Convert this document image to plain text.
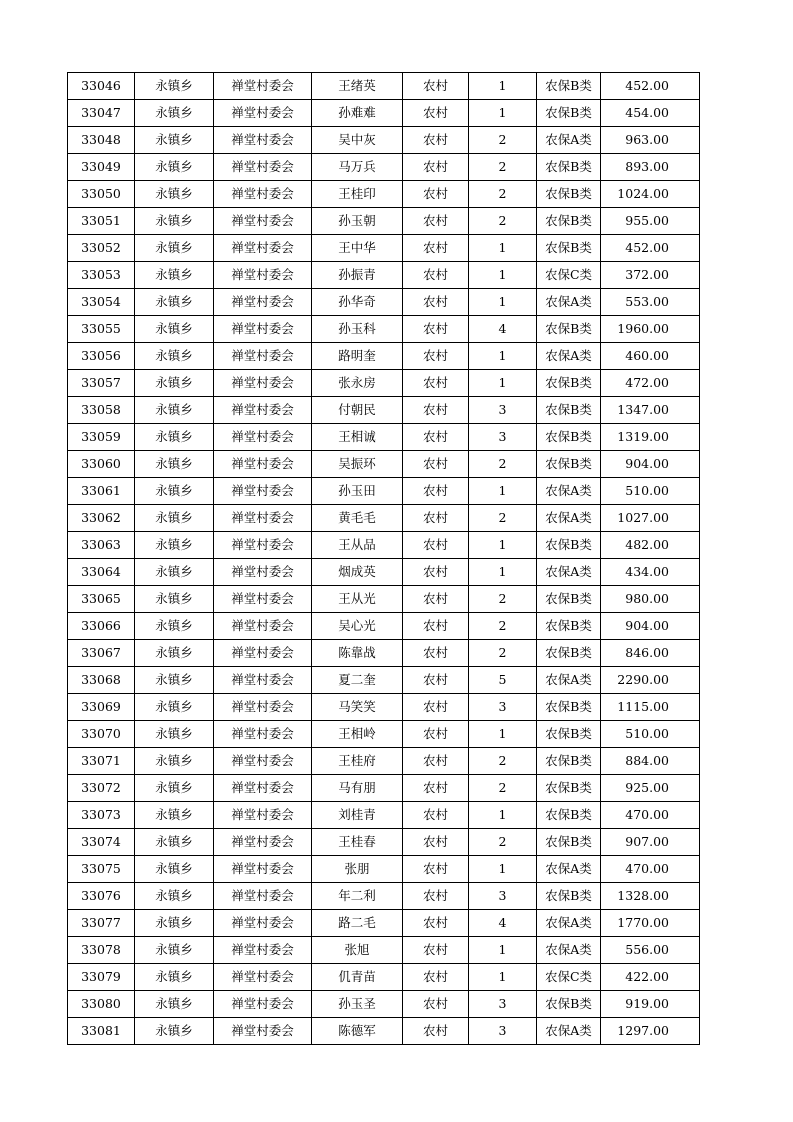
33046	永镇乡	禅堂村委会	王绪英	农村	1	农保B类	452.00
33047	永镇乡	禅堂村委会	孙难难	农村	1	农保B类	454.00
33048	永镇乡	禅堂村委会	吴中灰	农村	2	农保A类	963.00
33049	永镇乡	禅堂村委会	马万兵	农村	2	农保B类	893.00
33050	永镇乡	禅堂村委会	王桂印	农村	2	农保B类	1024.00
33051	永镇乡	禅堂村委会	孙玉朝	农村	2	农保B类	955.00
33052	永镇乡	禅堂村委会	王中华	农村	1	农保B类	452.00
33053	永镇乡	禅堂村委会	孙振青	农村	1	农保C类	372.00
33054	永镇乡	禅堂村委会	孙华奇	农村	1	农保A类	553.00
33055	永镇乡	禅堂村委会	孙玉科	农村	4	农保B类	1960.00
33056	永镇乡	禅堂村委会	路明奎	农村	1	农保A类	460.00
33057	永镇乡	禅堂村委会	张永房	农村	1	农保B类	472.00
33058	永镇乡	禅堂村委会	付朝民	农村	3	农保B类	1347.00
33059	永镇乡	禅堂村委会	王相诚	农村	3	农保B类	1319.00
33060	永镇乡	禅堂村委会	吴振环	农村	2	农保B类	904.00
33061	永镇乡	禅堂村委会	孙玉田	农村	1	农保A类	510.00
33062	永镇乡	禅堂村委会	黄毛毛	农村	2	农保A类	1027.00
33063	永镇乡	禅堂村委会	王从品	农村	1	农保B类	482.00
33064	永镇乡	禅堂村委会	烟成英	农村	1	农保A类	434.00
33065	永镇乡	禅堂村委会	王从光	农村	2	农保B类	980.00
33066	永镇乡	禅堂村委会	吴心光	农村	2	农保B类	904.00
33067	永镇乡	禅堂村委会	陈靠战	农村	2	农保B类	846.00
33068	永镇乡	禅堂村委会	夏二奎	农村	5	农保A类	2290.00
33069	永镇乡	禅堂村委会	马笑笑	农村	3	农保B类	1115.00
33070	永镇乡	禅堂村委会	王相岭	农村	1	农保B类	510.00
33071	永镇乡	禅堂村委会	王桂府	农村	2	农保B类	884.00
33072	永镇乡	禅堂村委会	马有朋	农村	2	农保B类	925.00
33073	永镇乡	禅堂村委会	刘桂青	农村	1	农保B类	470.00
33074	永镇乡	禅堂村委会	王桂春	农村	2	农保B类	907.00
33075	永镇乡	禅堂村委会	张朋	农村	1	农保A类	470.00
33076	永镇乡	禅堂村委会	年二利	农村	3	农保B类	1328.00
33077	永镇乡	禅堂村委会	路二毛	农村	4	农保A类	1770.00
33078	永镇乡	禅堂村委会	张旭	农村	1	农保A类	556.00
33079	永镇乡	禅堂村委会	仉青苗	农村	1	农保C类	422.00
33080	永镇乡	禅堂村委会	孙玉圣	农村	3	农保B类	919.00
33081	永镇乡	禅堂村委会	陈德军	农村	3	农保A类	1297.00
